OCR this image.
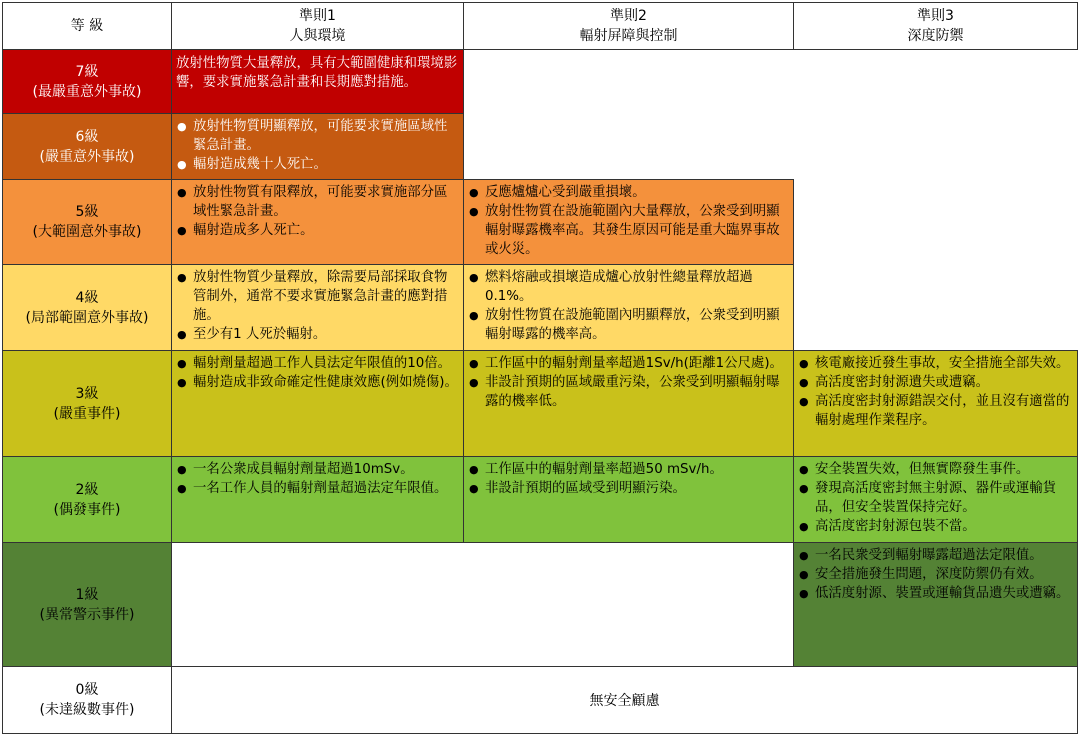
等 級
準則1
人與環境
準則2
輻射屏障與控制
準則3
深度防禦
7級
(最嚴重意外事故)
放射性物質大量釋放，具有大範圍健康和環境影響，要求實施緊急計畫和長期應對措施。
6級
(嚴重意外事故)
● 放射性物質明顯釋放，可能要求實施區域性緊急計畫。
● 輻射造成幾十人死亡。
5級
(大範圍意外事故)
● 放射性物質有限釋放，可能要求實施部分區域性緊急計畫。
● 輻射造成多人死亡。
● 反應爐爐心受到嚴重損壞。
● 放射性物質在設施範圍內大量釋放，公衆受到明顯輻射曝露機率高。其發生原因可能是重大臨界事故或火災。
4級
(局部範圍意外事故)
● 放射性物質少量釋放，除需要局部採取食物管制外，通常不要求實施緊急計畫的應對措施。
● 至少有1 人死於輻射。
● 燃料熔融或損壞造成爐心放射性總量釋放超過0.1%。
● 放射性物質在設施範圍內明顯釋放，公衆受到明顯輻射曝露的機率高。
3級
(嚴重事件)
● 輻射劑量超過工作人員法定年限值的10倍。
● 輻射造成非致命確定性健康效應(例如燒傷)。
● 工作區中的輻射劑量率超過1Sv/h(距離1公尺處)。
● 非設計預期的區域嚴重污染，公衆受到明顯輻射曝露的機率低。
● 核電廠接近發生事故，安全措施全部失效。
● 高活度密封射源遺失或遭竊。
● 高活度密封射源錯誤交付，並且沒有適當的輻射處理作業程序。
2級
(偶發事件)
● 一名公衆成員輻射劑量超過10mSv。
● 一名工作人員的輻射劑量超過法定年限值。
● 工作區中的輻射劑量率超過50 mSv/h。
● 非設計預期的區域受到明顯污染。
● 安全裝置失效，但無實際發生事件。
● 發現高活度密封無主射源、器件或運輸貨品，但安全裝置保持完好。
● 高活度密封射源包裝不當。
1級
(異常警示事件)
● 一名民衆受到輻射曝露超過法定限值。
● 安全措施發生問題，深度防禦仍有效。
● 低活度射源、裝置或運輸貨品遺失或遭竊。
0級
(未達級數事件)
無安全顧慮
